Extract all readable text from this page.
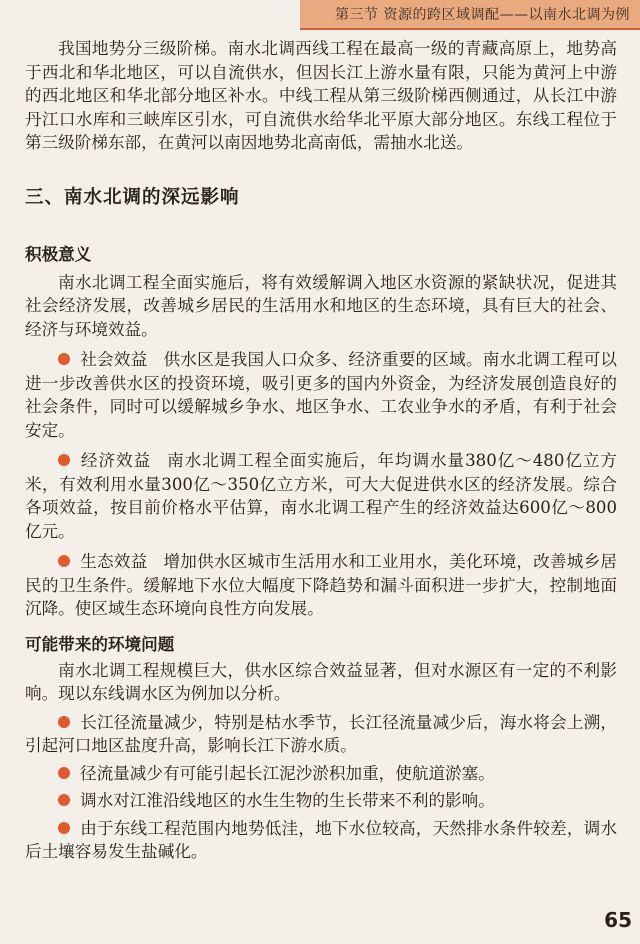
第三节 资源的跨区域调配——以南水北调为例

我国地势分三级阶梯。南水北调西线工程在最高一级的青藏高原上，地势高于西北和华北地区，可以自流供水，但因长江上游水量有限，只能为黄河上中游的西北地区和华北部分地区补水。中线工程从第三级阶梯西侧通过，从长江中游丹江口水库和三峡库区引水，可自流供水给华北平原大部分地区。东线工程位于第三级阶梯东部，在黄河以南因地势北高南低，需抽水北送。

三、南水北调的深远影响
积极意义

南水北调工程全面实施后，将有效缓解调入地区水资源的紧缺状况，促进其社会经济发展，改善城乡居民的生活用水和地区的生态环境，具有巨大的社会、经济与环境效益。

社会效益 供水区是我国人口众多、经济重要的区域。南水北调工程可以进一步改善供水区的投资环境，吸引更多的国内外资金，为经济发展创造良好的社会条件，同时可以缓解城乡争水、地区争水、工农业争水的矛盾，有利于社会安定。

经济效益 南水北调工程全面实施后，年均调水量380亿～480亿立方米，有效利用水量300亿～350亿立方米，可大大促进供水区的经济发展。综合各项效益，按目前价格水平估算，南水北调工程产生的经济效益达600亿～800亿元。

生态效益 增加供水区城市生活用水和工业用水，美化环境，改善城乡居民的卫生条件。缓解地下水位大幅度下降趋势和漏斗面积进一步扩大，控制地面沉降。使区域生态环境向良性方向发展。

可能带来的环境问题

南水北调工程规模巨大，供水区综合效益显著，但对水源区有一定的不利影响。现以东线调水区为例加以分析。

长江径流量减少，特别是枯水季节，长江径流量减少后，海水将会上溯，引起河口地区盐度升高，影响长江下游水质。

径流量减少有可能引起长江泥沙淤积加重，使航道淤塞。

调水对江淮沿线地区的水生生物的生长带来不利的影响。

由于东线工程范围内地势低洼，地下水位较高，天然排水条件较差，调水后土壤容易发生盐碱化。

65
